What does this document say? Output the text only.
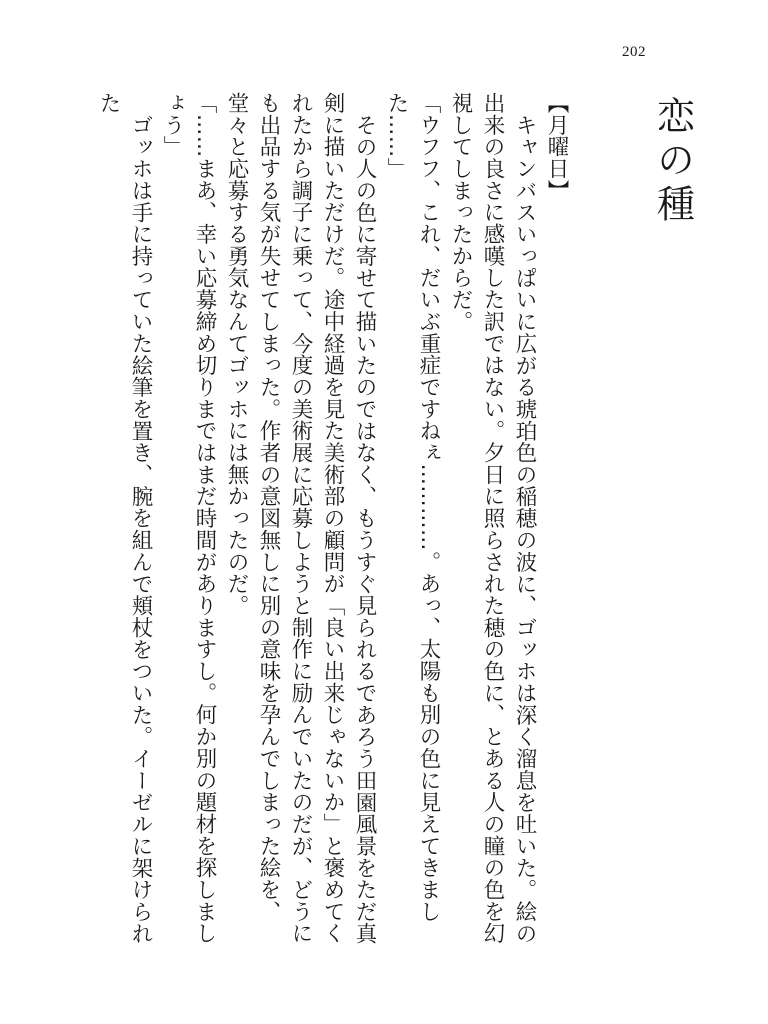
202
恋の種

【月曜日】

キャンバスいっぱいに広がる琥珀色の稲穂の波に、ゴッホは深く溜息を吐いた。絵の出来の良さに感嘆した訳ではない。夕日に照らされた穂の色に、とある人の瞳の色を幻視してしまったからだ。

「ウフフ、これ、だいぶ重症ですねぇ…………。あっ、太陽も別の色に見えてきました……」

その人の色に寄せて描いたのではなく、もうすぐ見られるであろう田園風景をただ真剣に描いただけだ。途中経過を見た美術部の顧問が「良い出来じゃないか」と褒めてくれたから調子に乗って、今度の美術展に応募しようと制作に励んでいたのだが、どうにも出品する気が失せてしまった。作者の意図無しに別の意味を孕んでしまった絵を、堂々と応募する勇気なんてゴッホには無かったのだ。

「……まあ、幸い応募締め切りまではまだ時間がありますし。何か別の題材を探しましょう」

ゴッホは手に持っていた絵筆を置き、腕を組んで頬杖をついた。イーゼルに架けられた
